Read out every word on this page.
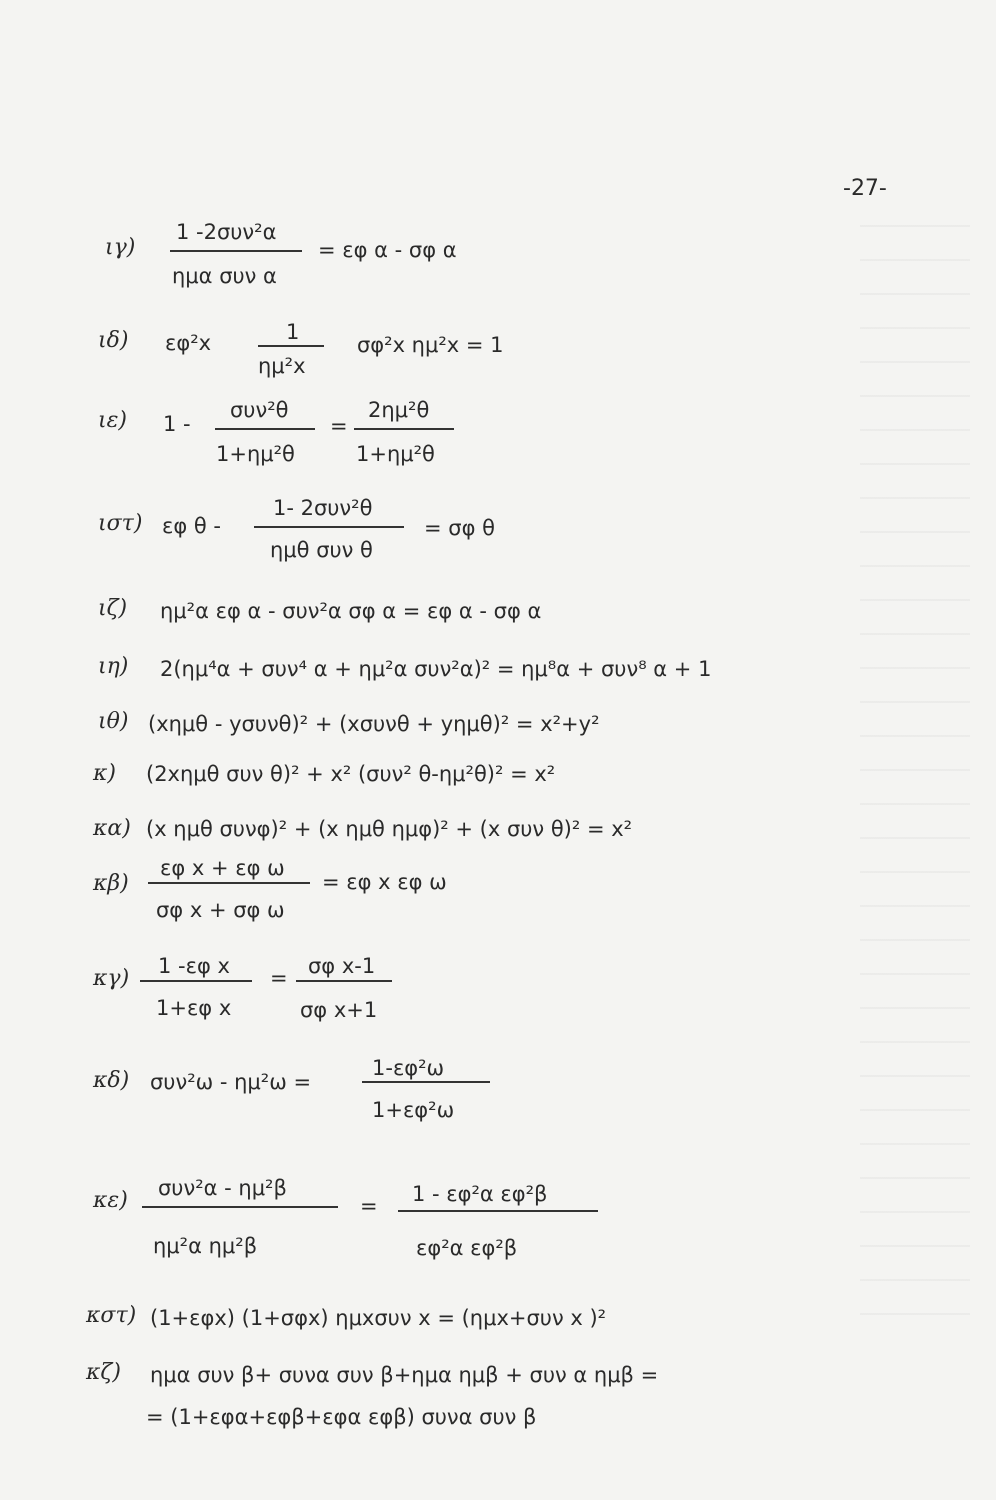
-27-
ιγ)
1 -2συν²α
ημα συν α
= εφ α - σφ α
ιδ) εφ²x	1
ημ²x
σφ²x ημ²x = 1
ιε) 1 -
συν²θ
1+ημ²θ
=
2ημ²θ
1+ημ²θ
ιστ) εφ θ -
1- 2συν²θ
ημθ συν θ
= σφ θ
ιζ) ημ²α εφ α - συν²α σφ α = εφ α - σφ α
ιη) 2(ημ⁴α + συν⁴ α + ημ²α συν²α)² = ημ⁸α + συν⁸ α + 1
ιθ) (xημθ - yσυνθ)² + (xσυνθ + yημθ)² = x²+y²
κ) (2xημθ συν θ)² + x² (συν² θ-ημ²θ)² = x²
κα) (x ημθ συνφ)² + (x ημθ ημφ)² + (x συν θ)² = x²
κβ)
εφ x + εφ ω
σφ x + σφ ω
= εφ x εφ ω
κγ) 1 -εφ x
1+εφ x
= σφ x-1
σφ x+1
κδ) συν²ω - ημ²ω =
1-εφ²ω
1+εφ²ω
κε) συν²α - ημ²β
ημ²α ημ²β
= 1 - εφ²α εφ²β
εφ²α εφ²β
κστ) (1+εφx) (1+σφx) ημxσυν x = (ημx+συν x )²
κζ) ημα συν β+ συνα συν β+ημα ημβ + συν α ημβ =
= (1+εφα+εφβ+εφα εφβ) συνα συν β
